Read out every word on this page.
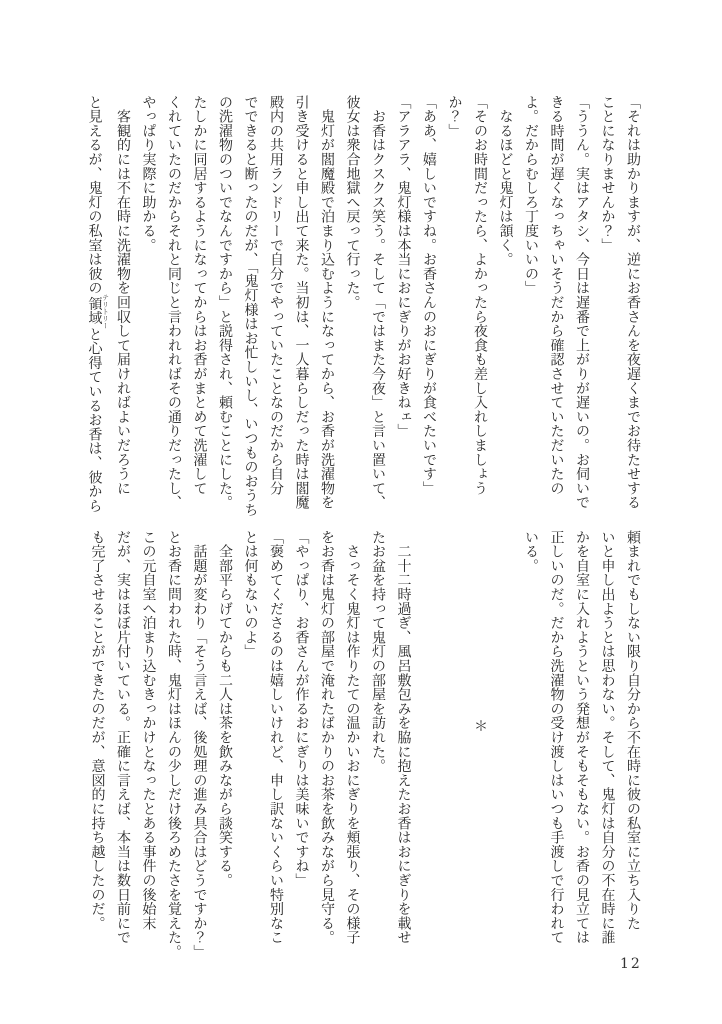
「それは助かりますが、逆にお香さんを夜遅くまでお待たせする
ことになりませんか？」
「ううん。実はアタシ、今日は遅番で上がりが遅いの。お伺いで
きる時間が遅くなっちゃいそうだから確認させていただいたの
よ。だからむしろ丁度いいの」
　なるほどと鬼灯は頷く。
「そのお時間だったら、よかったら夜食も差し入れしましょう
か？」
「ああ、嬉しいですね。お香さんのおにぎりが食べたいです」
「アラアラ、鬼灯様は本当におにぎりがお好きねェ」
　お香はクスクス笑う。そして「ではまた今夜」と言い置いて、
彼女は衆合地獄へ戻って行った。
　鬼灯が閻魔殿で泊まり込むようになってから、お香が洗濯物を
引き受けると申し出て来た。当初は、一人暮らしだった時は閻魔
殿内の共用ランドリーで自分でやっていたことなのだから自分
でできると断ったのだが、「鬼灯様はお忙しいし、いつものおうち
の洗濯物のついでなんですから」と説得され、頼むことにした。
たしかに同居するようになってからはお香がまとめて洗濯して
くれていたのだからそれと同じと言われればその通りだったし、
やっぱり実際に助かる。
　客観的には不在時に洗濯物を回収して届ければよいだろうに
と見えるが、鬼灯の私室は彼の領域 テリトリーと心得ているお香は、彼から
頼まれでもしない限り自分から不在時に彼の私室に立ち入りた
いと申し出ようとは思わない。そして、鬼灯は自分の不在時に誰
かを自室に入れようという発想がそもそもない。お香の見立ては
正しいのだ。だから洗濯物の受け渡しはいつも手渡しで行われて
いる。

＊

　二十二時過ぎ、風呂敷包みを脇に抱えたお香はおにぎりを載せ
たお盆を持って鬼灯の部屋を訪れた。
　さっそく鬼灯は作りたての温かいおにぎりを頬張り、その様子
をお香は鬼灯の部屋で淹れたばかりのお茶を飲みながら見守る。
「やっぱり、お香さんが作るおにぎりは美味いですね」
「褒めてくださるのは嬉しいけれど、申し訳ないくらい特別なこ
とは何もないのよ」
　全部平らげてからも二人は茶を飲みながら談笑する。
　話題が変わり「そう言えば、後処理の進み具合はどうですか？」
とお香に問われた時、鬼灯はほんの少しだけ後ろめたさを覚えた。
この元自室へ泊まり込むきっかけとなったとある事件の後始末
だが、実はほぼ片付いている。正確に言えば、本当は数日前にで
も完了させることができたのだが、意図的に持ち越したのだ。
12
